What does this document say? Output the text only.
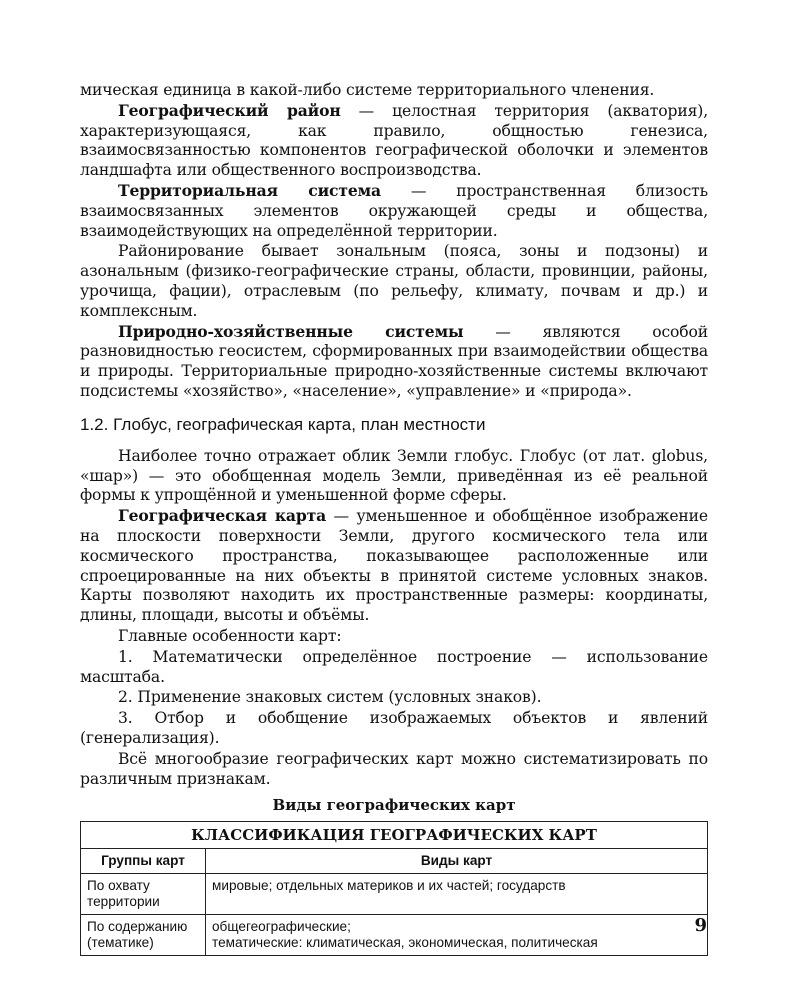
мическая единица в какой-либо системе территориального членения.

Географический район — целостная территория (акватория), характеризующаяся, как правило, общностью генезиса, взаимосвязанностью компонентов географической оболочки и элементов ландшафта или общественного воспроизводства.

Территориальная система — пространственная близость взаимосвязанных элементов окружающей среды и общества, взаимодействующих на определённой территории.

Районирование бывает зональным (пояса, зоны и подзоны) и азональным (физико-географические страны, области, провинции, районы, урочища, фации), отраслевым (по рельефу, климату, почвам и др.) и комплексным.

Природно-хозяйственные системы — являются особой разновидностью геосистем, сформированных при взаимодействии общества и природы. Территориальные природно-хозяйственные системы включают подсистемы «хозяйство», «население», «управление» и «природа».

1.2. Глобус, географическая карта, план местности

Наиболее точно отражает облик Земли глобус. Глобус (от лат. globus, «шар») — это обобщенная модель Земли, приведённая из её реальной формы к упрощённой и уменьшенной форме сферы.

Географическая карта — уменьшенное и обобщённое изображение на плоскости поверхности Земли, другого космического тела или космического пространства, показывающее расположенные или спроецированные на них объекты в принятой системе условных знаков. Карты позволяют находить их пространственные размеры: координаты, длины, площади, высоты и объёмы.

Главные особенности карт:

1. Математически определённое построение — использование масштаба.

2. Применение знаковых систем (условных знаков).

3. Отбор и обобщение изображаемых объектов и явлений (генерализация).

Всё многообразие географических карт можно систематизировать по различным признакам.

Виды географических карт
КЛАССИФИКАЦИЯ ГЕОГРАФИЧЕСКИХ КАРТ	
Группы карт	Виды карт
По охвату территории	мировые; отдельных материков и их частей; государств

По содержанию (тематике)	общегеографические;
тематические: климатическая, экономическая, политическая
9
